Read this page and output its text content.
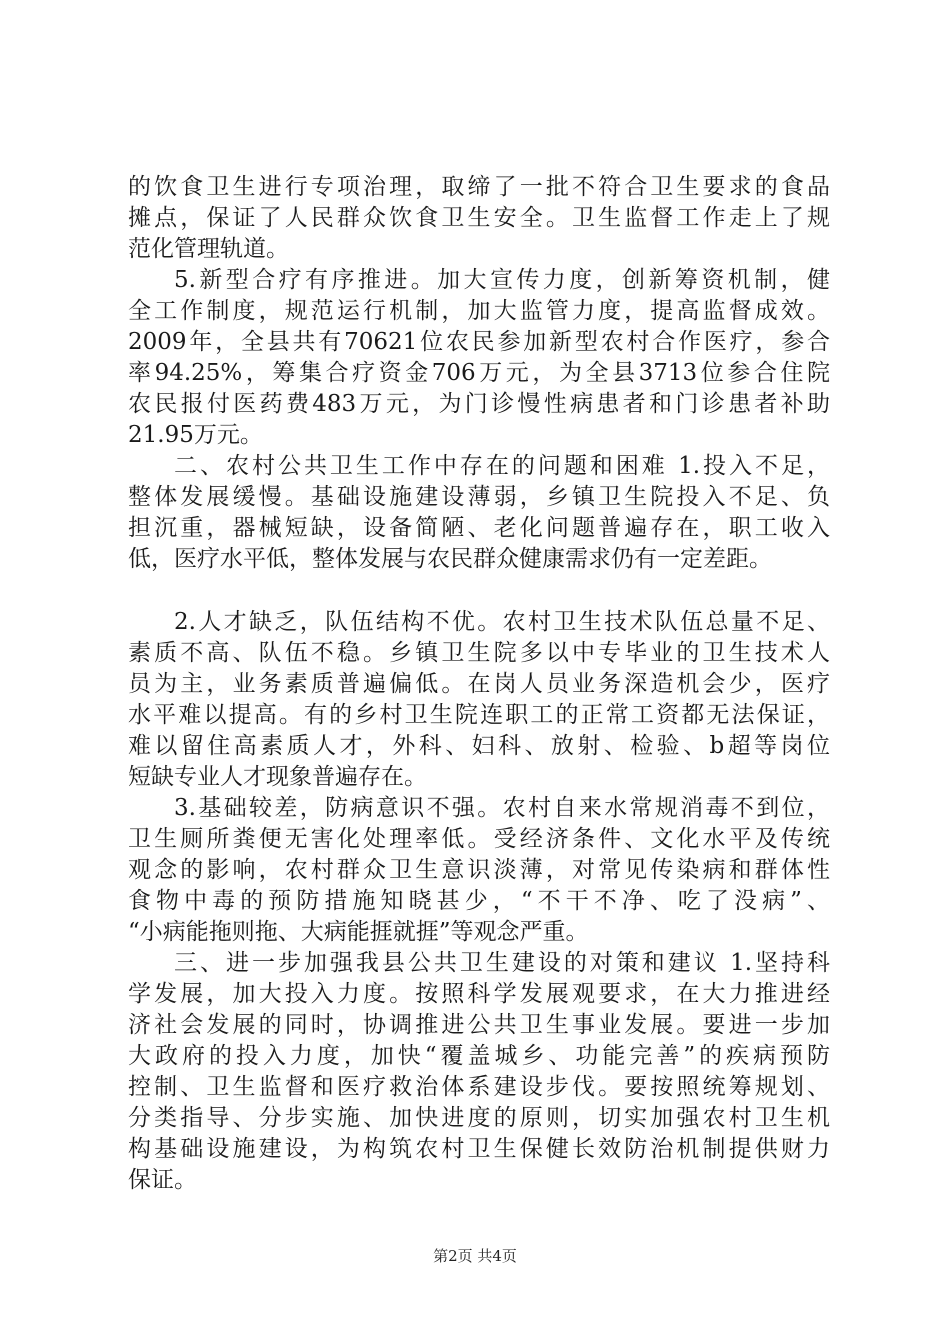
的饮食卫生进行专项治理，取缔了一批不符合卫生要求的食品
摊点，保证了人民群众饮食卫生安全。卫生监督工作走上了规
范化管理轨道。
5.新型合疗有序推进。加大宣传力度，创新筹资机制，健
全工作制度，规范运行机制，加大监管力度，提高监督成效。
2009年，全县共有70621位农民参加新型农村合作医疗，参合
率94.25%，筹集合疗资金706万元，为全县3713位参合住院
农民报付医药费483万元，为门诊慢性病患者和门诊患者补助
21.95万元。
二、农村公共卫生工作中存在的问题和困难 1.投入不足，
整体发展缓慢。基础设施建设薄弱，乡镇卫生院投入不足、负
担沉重，器械短缺，设备简陋、老化问题普遍存在，职工收入
低，医疗水平低，整体发展与农民群众健康需求仍有一定差距。
2.人才缺乏，队伍结构不优。农村卫生技术队伍总量不足、
素质不高、队伍不稳。乡镇卫生院多以中专毕业的卫生技术人
员为主，业务素质普遍偏低。在岗人员业务深造机会少，医疗
水平难以提高。有的乡村卫生院连职工的正常工资都无法保证，
难以留住高素质人才，外科、妇科、放射、检验、b超等岗位
短缺专业人才现象普遍存在。
3.基础较差，防病意识不强。农村自来水常规消毒不到位，
卫生厕所粪便无害化处理率低。受经济条件、文化水平及传统
观念的影响，农村群众卫生意识淡薄，对常见传染病和群体性
食物中毒的预防措施知晓甚少，“不干不净、吃了没病”、
“小病能拖则拖、大病能捱就捱”等观念严重。
三、进一步加强我县公共卫生建设的对策和建议 1.坚持科
学发展，加大投入力度。按照科学发展观要求，在大力推进经
济社会发展的同时，协调推进公共卫生事业发展。要进一步加
大政府的投入力度，加快“覆盖城乡、功能完善”的疾病预防
控制、卫生监督和医疗救治体系建设步伐。要按照统筹规划、
分类指导、分步实施、加快进度的原则，切实加强农村卫生机
构基础设施建设，为构筑农村卫生保健长效防治机制提供财力
保证。
第2页 共4页
